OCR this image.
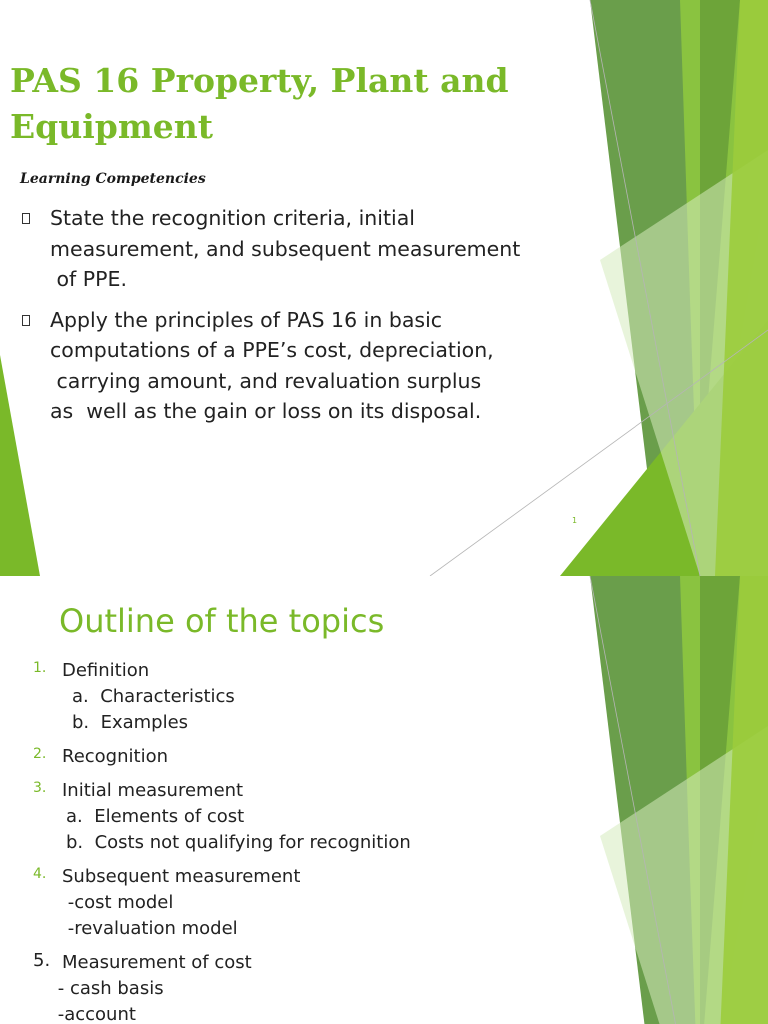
PAS 16 Property, Plant and
Equipment
Learning Competencies
State the recognition criteria, initial
measurement, and subsequent measurement
of PPE.
Apply the principles of PAS 16 in basic
computations of a PPE’s cost, depreciation,
carrying amount, and revaluation surplus
as  well as the gain or loss on its disposal.
1
Outline of the topics
1. Definition
a.  Characteristics
b.  Examples
2. Recognition
3. Initial measurement
a.  Elements of cost
b.  Costs not qualifying for recognition
4. Subsequent measurement
-cost model
-revaluation model
5. Measurement of cost
- cash basis
-account
